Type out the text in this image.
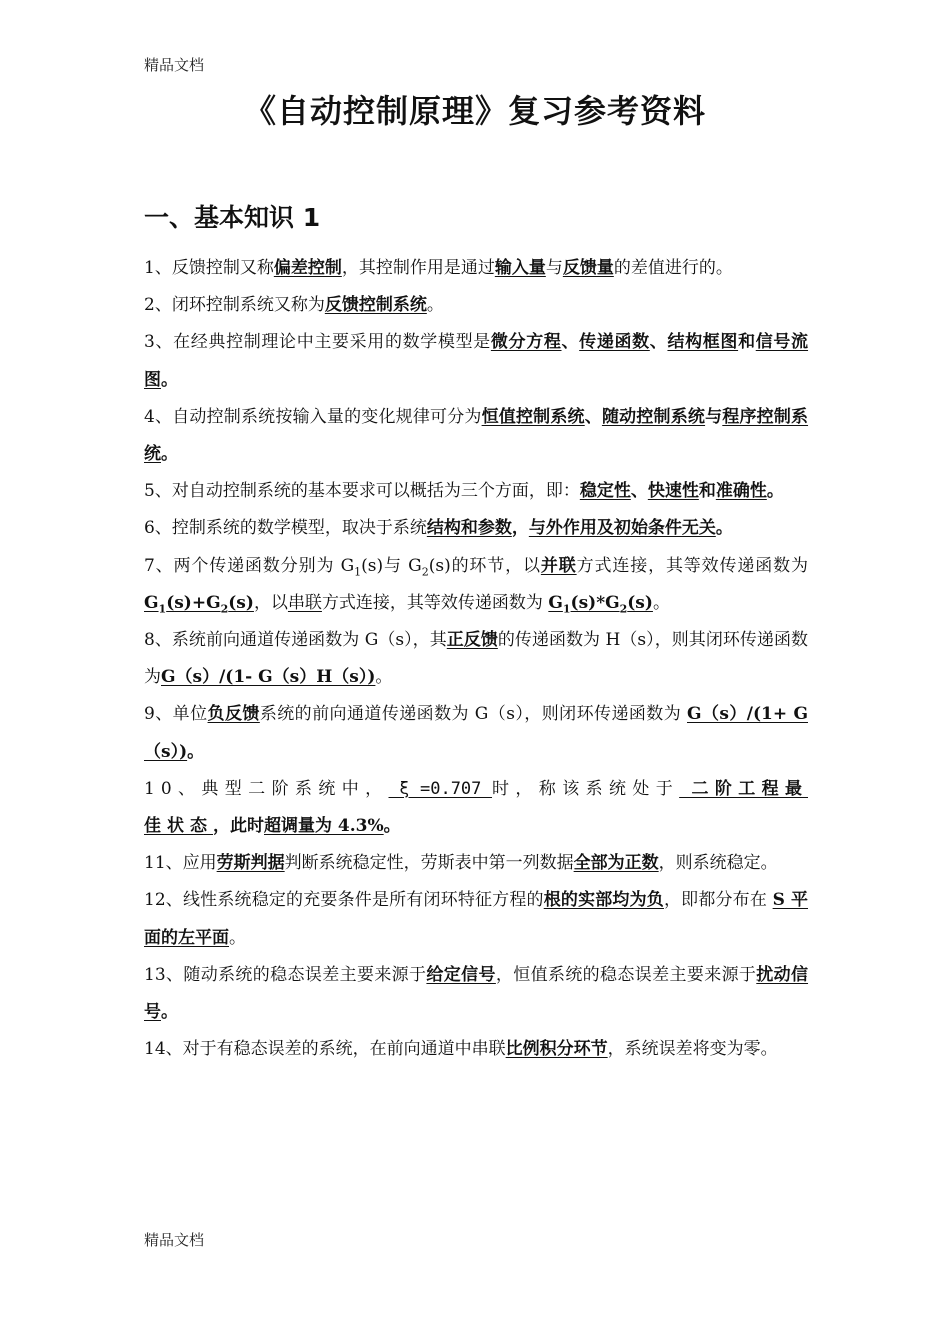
精品文档
《自动控制原理》复习参考资料
一、基本知识 1

1、反馈控制又称偏差控制，其控制作用是通过输入量与反馈量的差值进行的。

2、闭环控制系统又称为反馈控制系统。

3、在经典控制理论中主要采用的数学模型是微分方程、传递函数、结构框图和信号流图。

4、自动控制系统按输入量的变化规律可分为恒值控制系统、随动控制系统与程序控制系统。

5、对自动控制系统的基本要求可以概括为三个方面，即：稳定性、快速性和准确性。

6、控制系统的数学模型，取决于系统结构和参数，与外作用及初始条件无关。

7、两个传递函数分别为 $G_1(s)$与 $G_2(s)$的环节，以并联方式连接，其等效传递函数为 $G_1(s)+G_2(s)$，以串联方式连接，其等效传递函数为 $G_1(s)*G_2(s)$。

8、系统前向通道传递函数为 G（s），其正反馈的传递函数为 H（s），则其闭环传递函数为G（s）/(1- G（s）H（s）)。

9、单位负反馈系统的前向通道传递函数为 G（s），则闭环传递函数为 G（s）/(1+ G（s）)。

10、典型二阶系统中， ξ =0.707 时，称该系统处于 二阶工程最佳状态，此时超调量为 4.3%。

11、应用劳斯判据判断系统稳定性，劳斯表中第一列数据全部为正数，则系统稳定。

12、线性系统稳定的充要条件是所有闭环特征方程的根的实部均为负，即都分布在 S 平面的左平面。

13、随动系统的稳态误差主要来源于给定信号，恒值系统的稳态误差主要来源于扰动信号。

14、对于有稳态误差的系统，在前向通道中串联比例积分环节，系统误差将变为零。

精品文档
